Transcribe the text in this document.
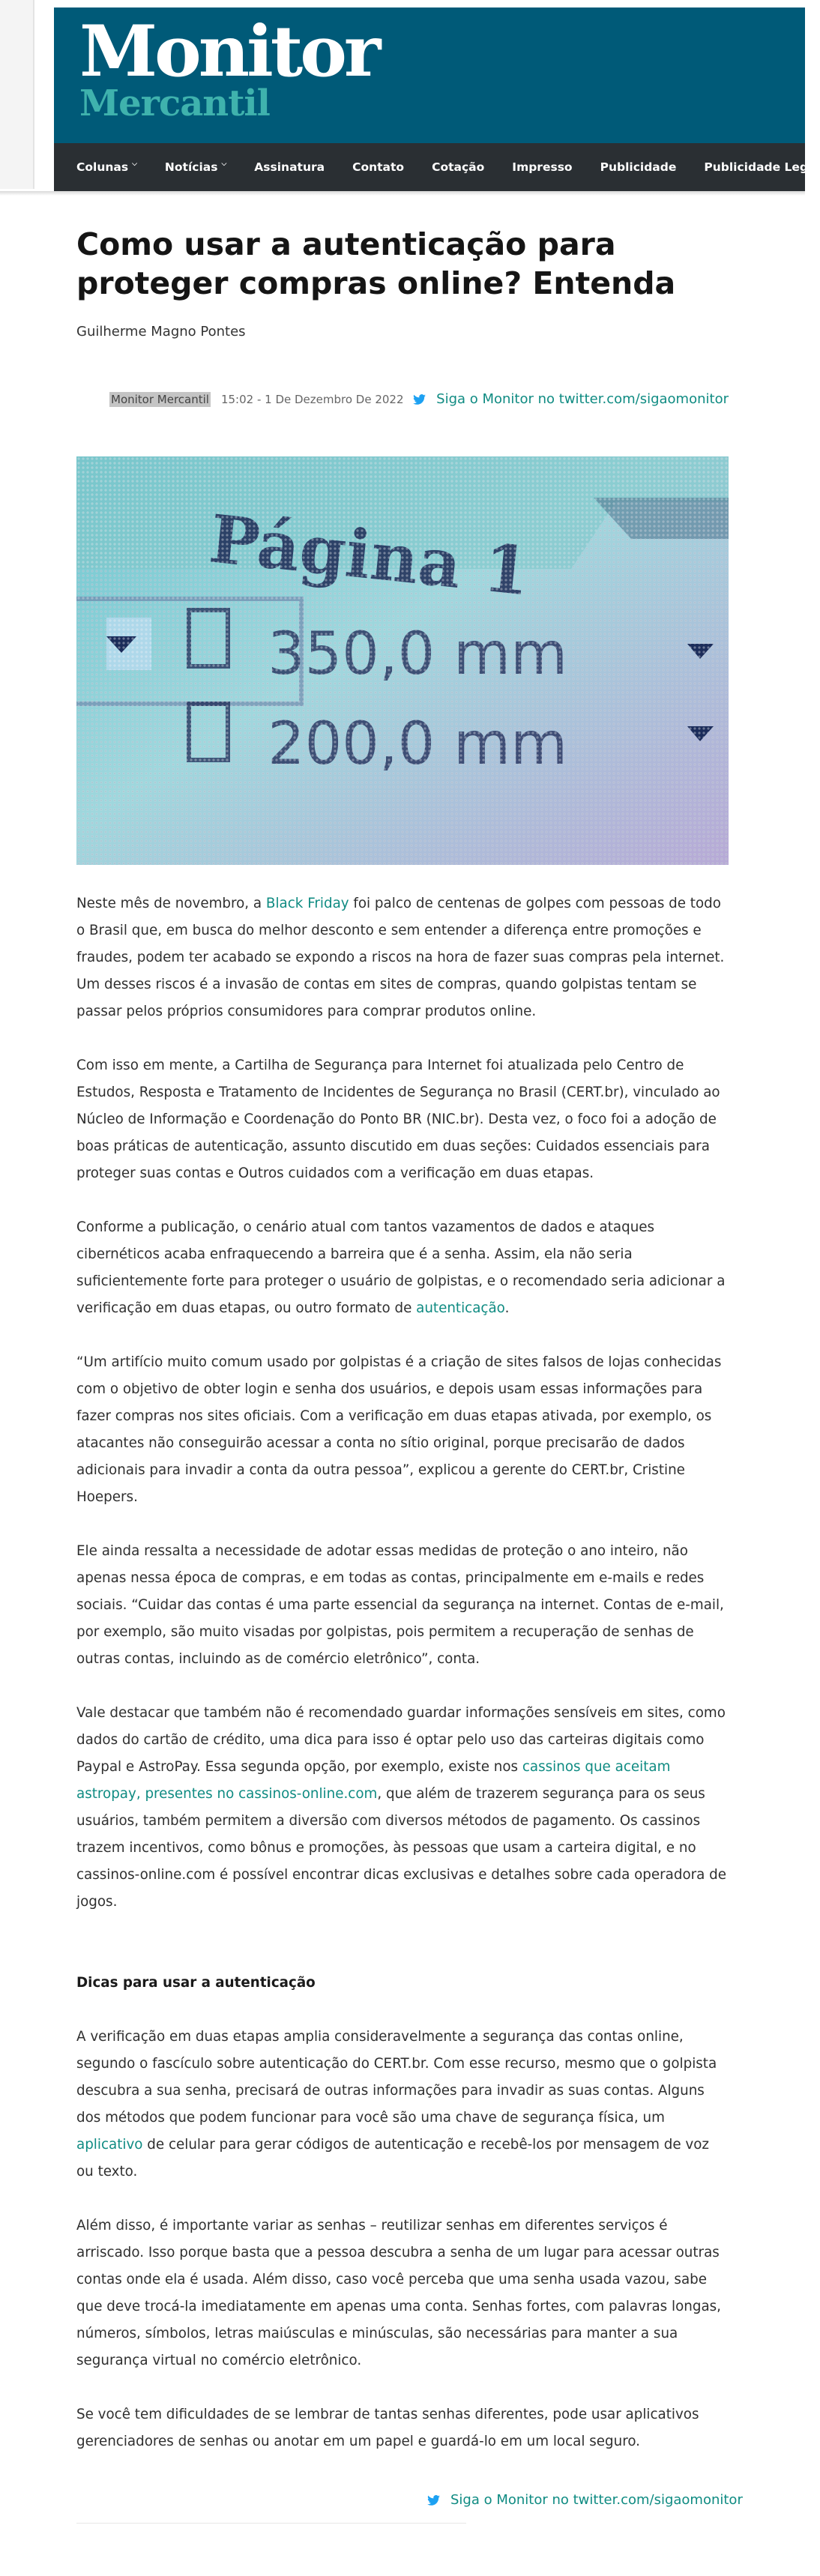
Monitor
Mercantil
Colunas ⌵ Notícias ⌵ Assinatura Contato Cotação Impresso Publicidade Publicidade Legal
Como usar a autenticação para proteger compras online? Entenda
Guilherme Magno Pontes
Monitor Mercantil 15:02 - 1 De Dezembro De 2022 Siga o Monitor no twitter.com/sigaomonitor

Neste mês de novembro, a Black Friday foi palco de centenas de golpes com pessoas de todo o Brasil que, em busca do melhor desconto e sem entender a diferença entre promoções e fraudes, podem ter acabado se expondo a riscos na hora de fazer suas compras pela internet. Um desses riscos é a invasão de contas em sites de compras, quando golpistas tentam se passar pelos próprios consumidores para comprar produtos online.

Com isso em mente, a Cartilha de Segurança para Internet foi atualizada pelo Centro de Estudos, Resposta e Tratamento de Incidentes de Segurança no Brasil (CERT.br), vinculado ao Núcleo de Informação e Coordenação do Ponto BR (NIC.br). Desta vez, o foco foi a adoção de boas práticas de autenticação, assunto discutido em duas seções: Cuidados essenciais para proteger suas contas e Outros cuidados com a verificação em duas etapas.

Conforme a publicação, o cenário atual com tantos vazamentos de dados e ataques cibernéticos acaba enfraquecendo a barreira que é a senha. Assim, ela não seria suficientemente forte para proteger o usuário de golpistas, e o recomendado seria adicionar a verificação em duas etapas, ou outro formato de autenticação.

“Um artifício muito comum usado por golpistas é a criação de sites falsos de lojas conhecidas com o objetivo de obter login e senha dos usuários, e depois usam essas informações para fazer compras nos sites oficiais. Com a verificação em duas etapas ativada, por exemplo, os atacantes não conseguirão acessar a conta no sítio original, porque precisarão de dados adicionais para invadir a conta da outra pessoa”, explicou a gerente do CERT.br, Cristine Hoepers.

Ele ainda ressalta a necessidade de adotar essas medidas de proteção o ano inteiro, não apenas nessa época de compras, e em todas as contas, principalmente em e-mails e redes sociais. “Cuidar das contas é uma parte essencial da segurança na internet. Contas de e-mail, por exemplo, são muito visadas por golpistas, pois permitem a recuperação de senhas de outras contas, incluindo as de comércio eletrônico”, conta.

Vale destacar que também não é recomendado guardar informações sensíveis em sites, como dados do cartão de crédito, uma dica para isso é optar pelo uso das carteiras digitais como Paypal e AstroPay. Essa segunda opção, por exemplo, existe nos cassinos que aceitam astropay, presentes no cassinos-online.com, que além de trazerem segurança para os seus usuários, também permitem a diversão com diversos métodos de pagamento. Os cassinos trazem incentivos, como bônus e promoções, às pessoas que usam a carteira digital, e no cassinos-online.com é possível encontrar dicas exclusivas e detalhes sobre cada operadora de jogos.

Dicas para usar a autenticação

A verificação em duas etapas amplia consideravelmente a segurança das contas online, segundo o fascículo sobre autenticação do CERT.br. Com esse recurso, mesmo que o golpista descubra a sua senha, precisará de outras informações para invadir as suas contas. Alguns dos métodos que podem funcionar para você são uma chave de segurança física, um aplicativo de celular para gerar códigos de autenticação e recebê-los por mensagem de voz ou texto.

Além disso, é importante variar as senhas – reutilizar senhas em diferentes serviços é arriscado. Isso porque basta que a pessoa descubra a senha de um lugar para acessar outras contas onde ela é usada. Além disso, caso você perceba que uma senha usada vazou, sabe que deve trocá-la imediatamente em apenas uma conta. Senhas fortes, com palavras longas, números, símbolos, letras maiúsculas e minúsculas, são necessárias para manter a sua segurança virtual no comércio eletrônico.

Se você tem dificuldades de se lembrar de tantas senhas diferentes, pode usar aplicativos gerenciadores de senhas ou anotar em um papel e guardá-lo em um local seguro.

Siga o Monitor no twitter.com/sigaomonitor
